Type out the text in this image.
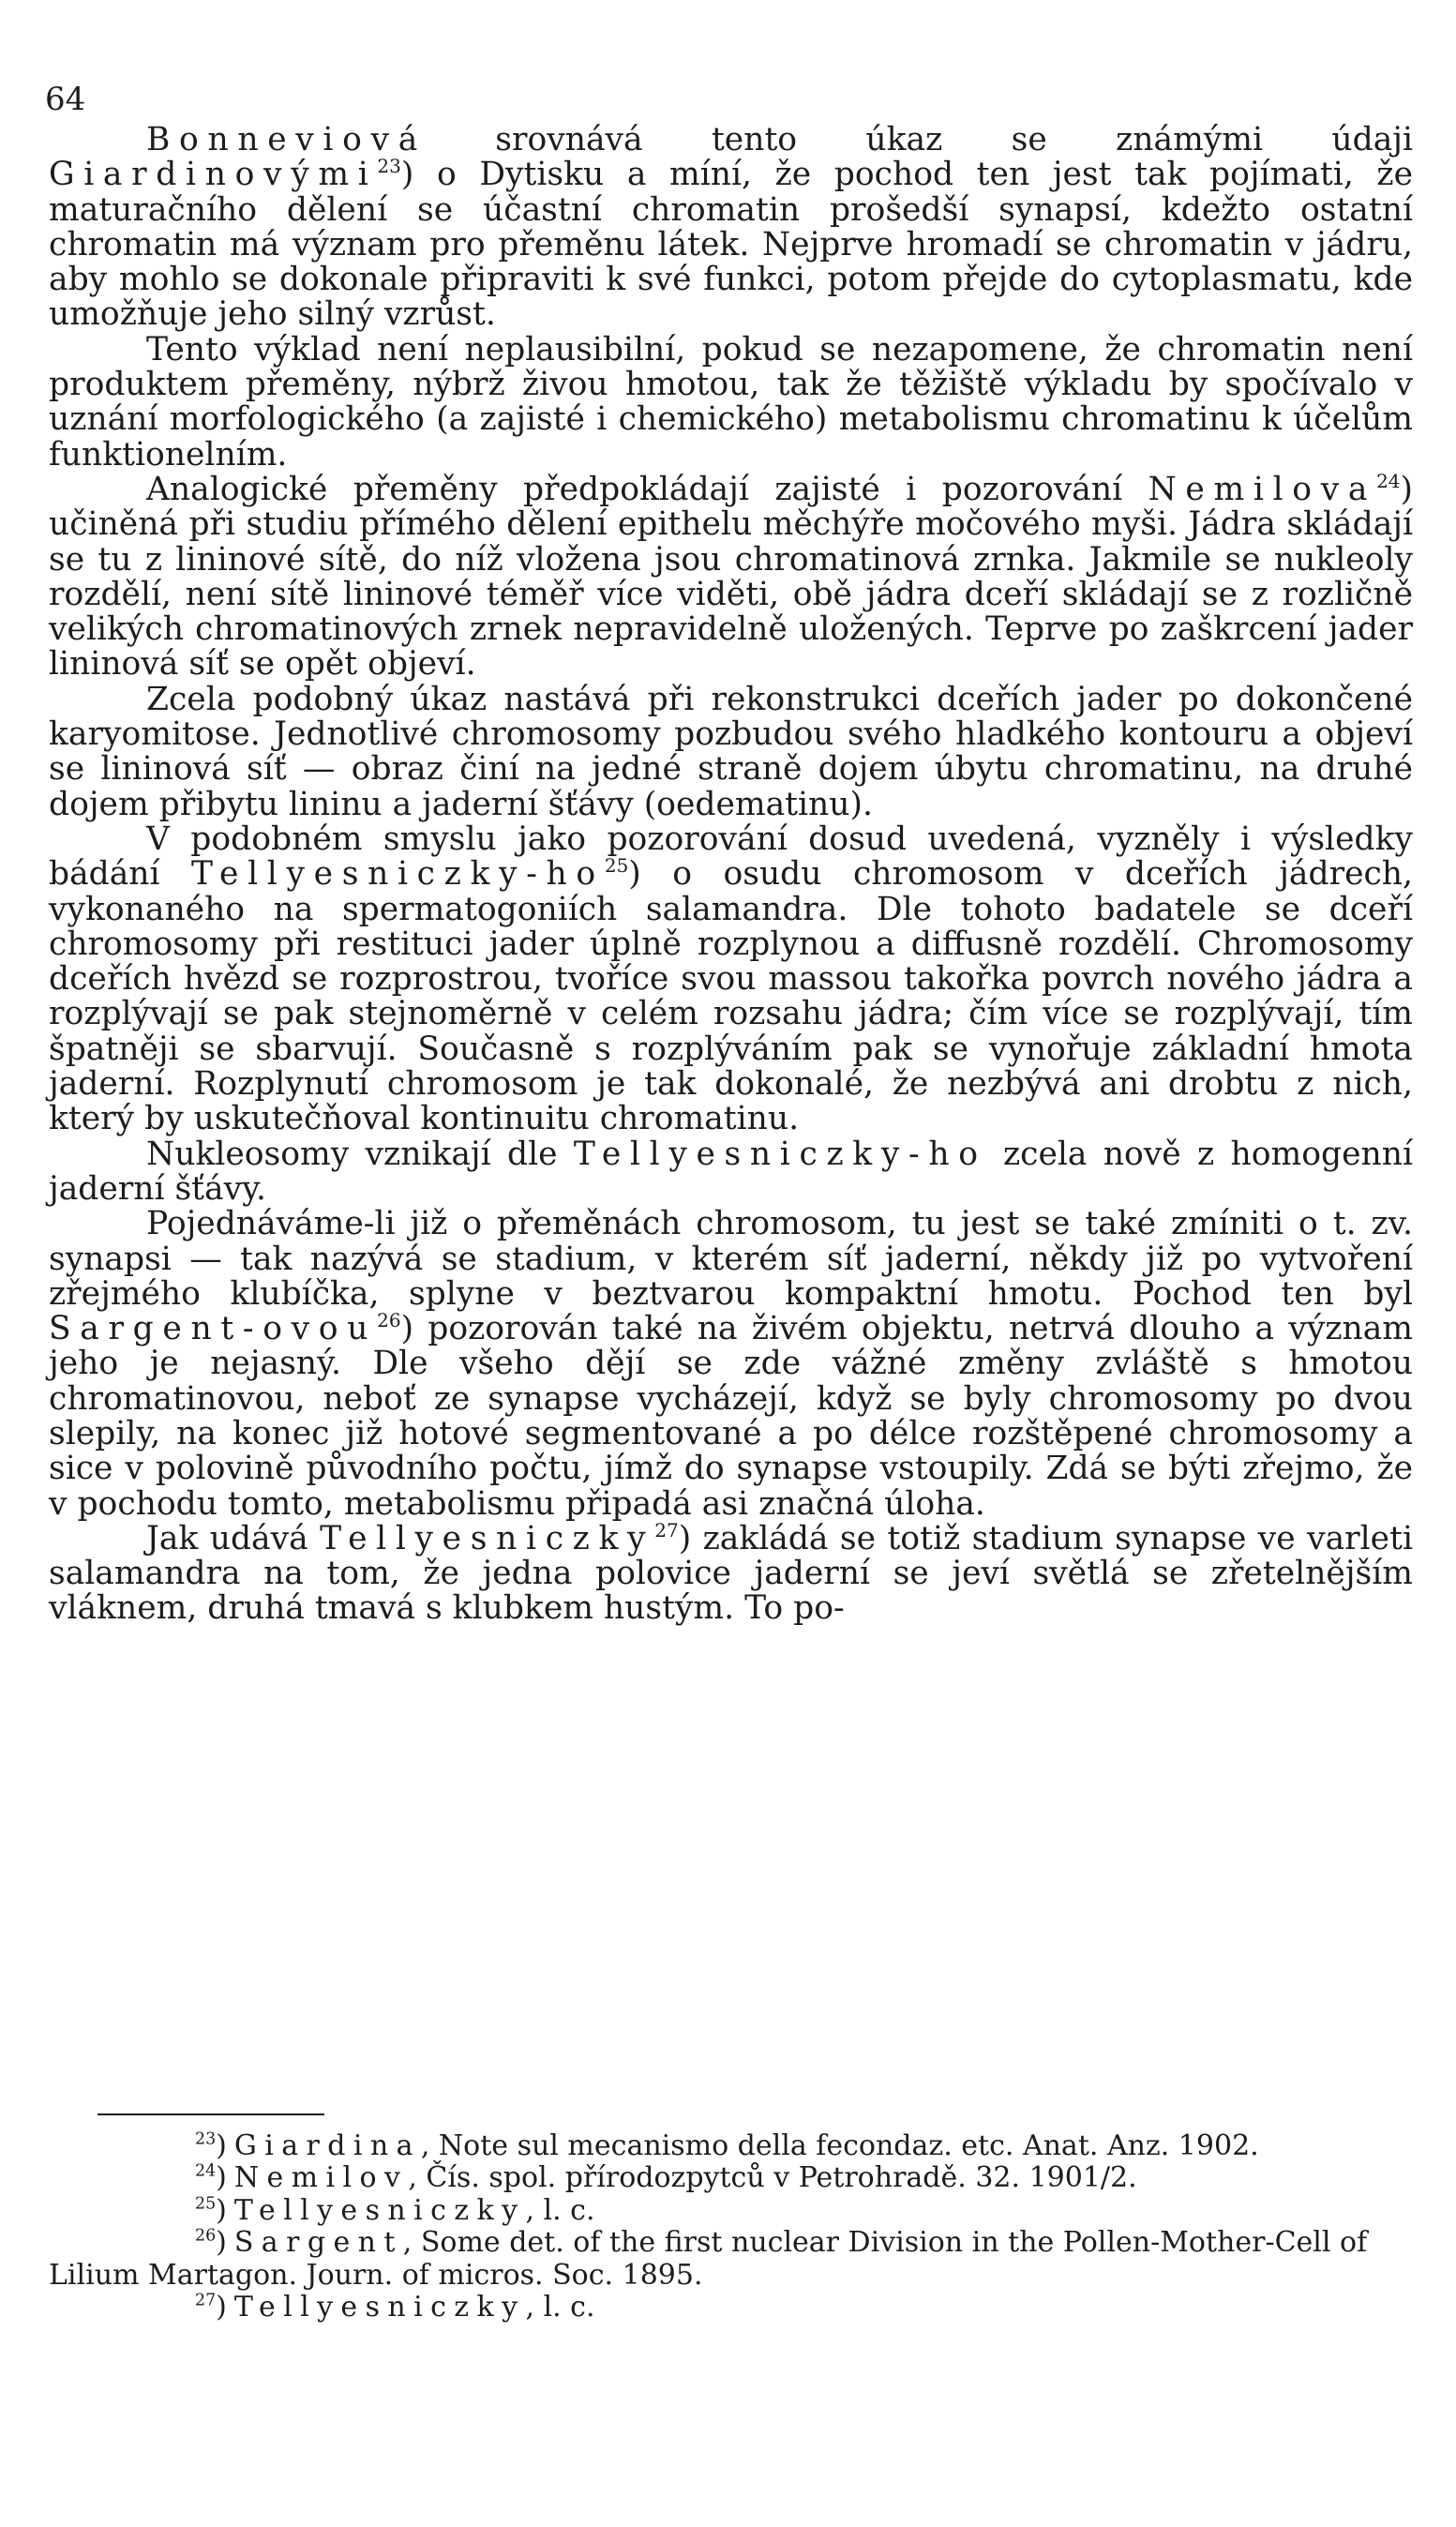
64

Bonneviová srovnává tento úkaz se známými údaji Giardinovými$^{23}$) o Dytisku a míní, že pochod ten jest tak pojímati, že maturačního dělení se účastní chromatin prošedší synapsí, kdežto ostatní chromatin má význam pro přeměnu látek. Nejprve hromadí se chromatin v jádru, aby mohlo se dokonale připraviti k své funkci, potom přejde do cytoplasmatu, kde umožňuje jeho silný vzrůst.

Tento výklad není neplausibilní, pokud se nezapomene, že chromatin není produktem přeměny, nýbrž živou hmotou, tak že těžiště výkladu by spočívalo v uznání morfologického (a zajisté i chemického) metabolismu chromatinu k účelům funktionelním.

Analogické přeměny předpokládají zajisté i pozorování Nemilova$^{24}$) učiněná při studiu přímého dělení epithelu měchýře močového myši. Jádra skládají se tu z lininové sítě, do níž vložena jsou chromatinová zrnka. Jakmile se nukleoly rozdělí, není sítě lininové téměř více viděti, obě jádra dceří skládají se z rozličně velikých chromatinových zrnek nepravidelně uložených. Teprve po zaškrcení jader lininová síť se opět objeví.

Zcela podobný úkaz nastává při rekonstrukci dceřích jader po dokončené karyomitose. Jednotlivé chromosomy pozbudou svého hladkého kontouru a objeví se lininová síť — obraz činí na jedné straně dojem úbytu chromatinu, na druhé dojem přibytu lininu a jaderní šťávy (oedematinu).

V podobném smyslu jako pozorování dosud uvedená, vyzněly i výsledky bádání Tellyesniczky-$ho^{25}$) o osudu chromosom v dceřích jádrech, vykonaného na spermatogoniích salamandra. Dle tohoto badatele se dceří chromosomy při restituci jader úplně rozplynou a diffusně rozdělí. Chromosomy dceřích hvězd se rozprostrou, tvoříce svou massou takořka povrch nového jádra a rozplývají se pak stejnoměrně v celém rozsahu jádra; čím více se rozplývají, tím špatněji se sbarvují. Současně s rozplýváním pak se vynořuje základní hmota jaderní. Rozplynutí chromosom je tak dokonalé, že nezbývá ani drobtu z nich, který by uskutečňoval kontinuitu chromatinu.

Nukleosomy vznikají dle Tellyesniczky-ho zcela nově z homogenní jaderní šťávy.

Pojednáváme-li již o přeměnách chromosom, tu jest se také zmíniti o t. zv. synapsi — tak nazývá se stadium, v kterém síť jaderní, někdy již po vytvoření zřejmého klubíčka, splyne v beztvarou kompaktní hmotu. Pochod ten byl Sargent-ovou$^{26}$) pozorován také na živém objektu, netrvá dlouho a význam jeho je nejasný. Dle všeho dějí se zde vážné změny zvláště s hmotou chromatinovou, neboť ze synapse vycházejí, když se byly chromosomy po dvou slepily, na konec již hotové segmentované a po délce rozštěpené chromosomy a sice v polovině původního počtu, jímž do synapse vstoupily. Zdá se býti zřejmo, že v pochodu tomto, metabolismu připadá asi značná úloha.

Jak udává Tellyesniczky$^{27}$) zakládá se totiž stadium synapse ve varleti salamandra na tom, že jedna polovice jaderní se jeví světlá se zřetelnějším vláknem, druhá tmavá s klubkem hustým. To po-

$^{23}$) Giardina, Note sul mecanismo della fecondaz. etc. Anat. Anz. 1902.

$^{24}$) Nemilov, Čís. spol. přírodozpytců v Petrohradě. 32. 1901/2.

$^{25}$) Tellyesniczky, l. c.

$^{26}$) Sargent, Some det. of the first nuclear Division in the Pollen-Mother-Cell of Lilium Martagon. Journ. of micros. Soc. 1895.

$^{27}$) Tellyesniczky, l. c.
